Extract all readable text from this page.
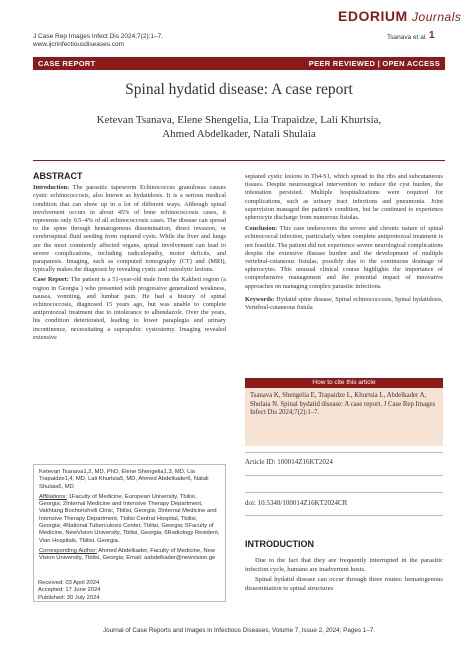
EDORIUM Journals
J Case Rep Images Infect Dis 2024;7(2):1–7.
www.ijcrinfectiousdiseases.com
Tsanava et al. 1
CASE REPORT	PEER REVIEWED | OPEN ACCESS
Spinal hydatid disease: A case report
Ketevan Tsanava, Elene Shengelia, Lia Trapaidze, Lali Khurtsia,
Ahmed Abdelkader, Natali Shulaia
ABSTRACT

Introduction: The parasitic tapeworm Echinococcus granulosus causes cystic echinococcosis, also known as hydatidosis. It is a serious medical condition that can show up in a lot of different ways. Although spinal involvement occurs in about 45% of bone echinococcosis cases, it represents only 0.5–4% of all echinococcosis cases. The disease can spread to the spine through hematogenous dissemination, direct invasion, or cerebrospinal fluid seeding from ruptured cysts. While the liver and lungs are the most commonly affected organs, spinal involvement can lead to severe complications, including radiculopathy, motor deficits, and paraparesis. Imaging, such as computed tomography (CT) and (MRI), typically makes the diagnosis by revealing cystic and osteolytic lesions.

Case Report: The patient is a 51-year-old male from the Kakheti region (a region in Georgia ) who presented with progressive generalized weakness, nausea, vomiting, and lumbar pain. He had a history of spinal echinococcosis, diagnosed 15 years ago, but was unable to complete antiprotozoal treatment due to intolerance to albendazole. Over the years, his condition deteriorated, leading to lower paraplegia and urinary incontinence, necessitating a suprapubic cystostomy. Imaging revealed extensive

septated cystic lesions in Th4-S1, which spread to the ribs and subcutaneous tissues. Despite neurosurgical intervention to reduce the cyst burden, the infestation persisted. Multiple hospitalizations were required for complications, such as urinary tract infections and pneumonia. Joint supervision managed the patient's condition, but he continued to experience spherocyte discharge from numerous fistulas.

Conclusion: This case underscores the severe and chronic nature of spinal echinococcal infection, particularly when complete antiprotozoal treatment is not feasible. The patient did not experience severe neurological complications despite the extensive disease burden and the development of multiple vertebral-cutaneous fistulas, possibly due to the continuous drainage of spherocytes. This unusual clinical course highlights the importance of comprehensive management and the potential impact of innovative approaches on managing complex parasitic infections.

Keywords: Hydatid spine disease, Spinal echinococcosis, Spinal hydatidosis, Vertebral-cutaneous fistula

Ketevan Tsanava1,2, MD, PhD, Elene Shengelia1,3, MD, Lia Trapaidze1,4, MD, Lali Khurtsia5, MD, Ahmed Abdelkader6, Natali Shulaia6, MD
Affiliations: 1Faculty of Medicine, European University, Tbilisi, Georgia; 2Internal Medicine and Intensive Therapy Department, Vakhtang Bochorishvili Clinic, Tbilisi, Georgia; 3Internal Medicine and Intensive Therapy Department, Tbilisi Central Hospital, Tbilisi, Georgia; 4National Tuberculosis Center, Tbilisi, Georgia; 5Faculty of Medicine, NewVision University, Tbilisi, Georgia; 6Radiology Resident, Vian Hospitals, Tbilisi, Georgia.
Corresponding Author: Ahmed Abdelkader, Faculty of Medicine, New Vision University, Tbilisi, Georgia; Email: aabdelkader@newvision.ge
Received: 03 April 2024
Accepted: 17 June 2024
Published: 30 July 2024
How to cite this article
Tsanava K, Shengelia E, Trapaidze L, Khurtsia L, Abdelkader A, Shulaia N. Spinal hydatid disease: A case report. J Case Rep Images Infect Dis 2024;7(2):1–7.
Article ID: 100014Z16KT2024
doi: 10.5348/100014Z16KT2024CR
INTRODUCTION

Due to the fact that they are frequently interrupted in the parasitic infection cycle, humans are inadvertent hosts.

Spinal hydatid disease can occur through three routes: hematogenous dissemination to spinal structures

Journal of Case Reports and Images in Infectious Diseases, Volume 7, Issue 2, 2024; Pages 1–7.
